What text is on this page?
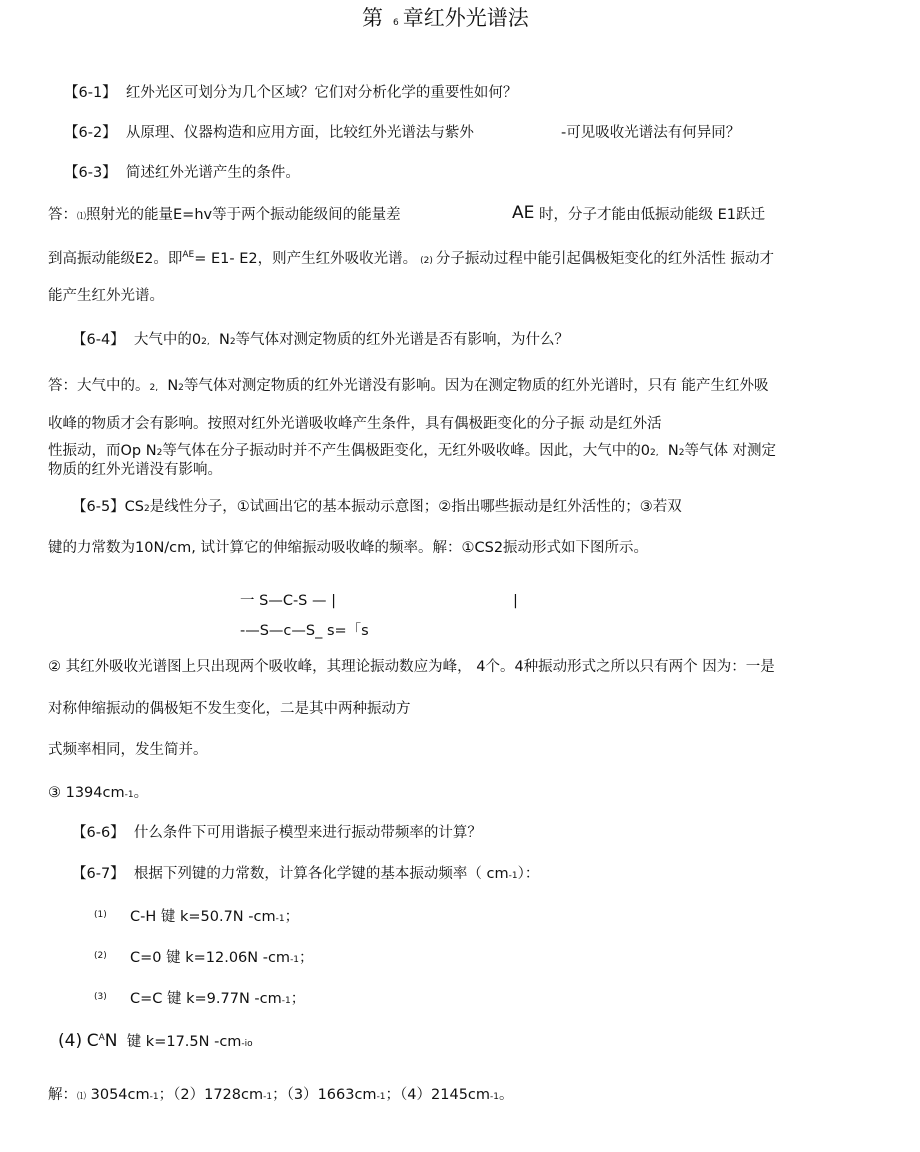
第 6 章红外光谱法
【6-1】 红外光区可划分为几个区域？它们对分析化学的重要性如何？
【6-2】 从原理、仪器构造和应用方面，比较红外光谱法与紫外	-可见吸收光谱法有何异同？
【6-3】 简述红外光谱产生的条件。
答：⑴照射光的能量E=hv等于两个振动能级间的能量差	AE 时，分子才能由低振动能级 E1跃迁
到高振动能级E2。即$^{AE}$= E1- E2，则产生红外吸收光谱。 (2) 分子振动过程中能引起偶极矩变化的红外活性 振动才
能产生红外光谱。
【6-4】 大气中的02, N2等气体对测定物质的红外光谱是否有影响，为什么？
答：大气中的。2, N2等气体对测定物质的红外光谱没有影响。因为在测定物质的红外光谱时，只有 能产生红外吸
收峰的物质才会有影响。按照对红外光谱吸收峰产生条件，具有偶极距变化的分子振 动是红外活
性振动，而Op N2等气体在分子振动时并不产生偶极距变化，无红外吸收峰。因此，大气中的02, N2等气体 对测定
物质的红外光谱没有影响。
【6-5】CS2是线性分子，①试画出它的基本振动示意图；②指出哪些振动是红外活性的；③若双
键的力常数为10N/cm, 试计算它的伸缩振动吸收峰的频率。解：①CS2振动形式如下图所示。
一 S—C-S — |	|
-—S—c—S_ s=「s
② 其红外吸收光谱图上只出现两个吸收峰，其理论振动数应为峰， 4个。4种振动形式之所以只有两个 因为：一是
对称伸缩振动的偶极矩不发生变化，二是其中两种振动方
式频率相同，发生简并。
③ 1394cm-1。
【6-6】 什么条件下可用谐振子模型来进行振动带频率的计算？
【6-7】 根据下列键的力常数，计算各化学键的基本振动频率（ cm-1）：
(1) C-H 键 k=50.7N -cm-1；
(2) C=0 键 k=12.06N -cm-1；
(3) C=C 键 k=9.77N -cm-1；
(4) $C^AN$ 键 k=17.5N -cm-io
解：⑴ 3054cm-1；（2）1728cm-1；（3）1663cm-1；（4）2145cm-1。
